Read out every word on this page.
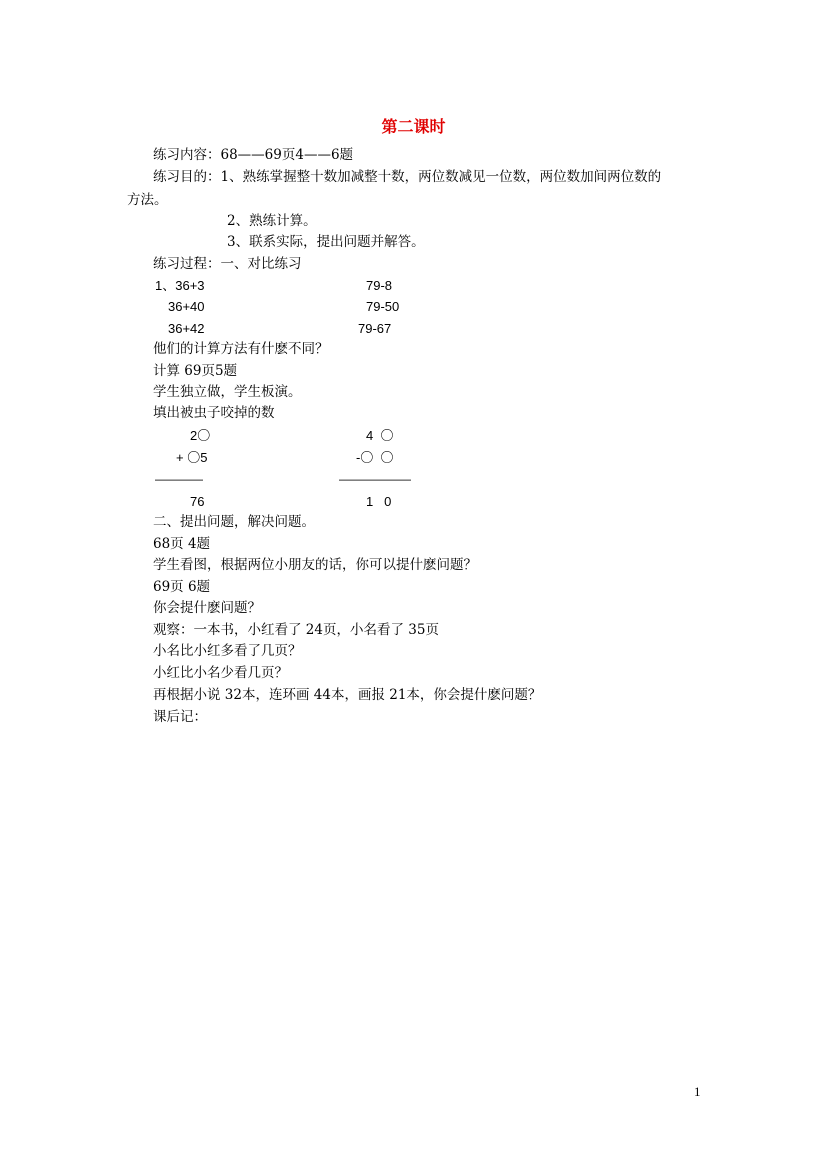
第二课时
练习内容：68——69页4——6题
练习目的：1、熟练掌握整十数加减整十数，两位数减见一位数，两位数加间两位数的
方法。
2、熟练计算。
3、联系实际，提出问题并解答。
练习过程：一、对比练习
1、36+3	79-8
36+40	79-50
36+42	79-67
他们的计算方法有什麽不同？
计算 69页5题
学生独立做，学生板演。
填出被虫子咬掉的数
2〇
+ 〇5
————
76
4  〇
-〇  〇
——————
1   0
二、提出问题，解决问题。
68页 4题
学生看图，根据两位小朋友的话，你可以提什麽问题？
69页 6题
你会提什麽问题？
观察：一本书，小红看了 24页，小名看了 35页
小名比小红多看了几页？
小红比小名少看几页？
再根据小说 32本，连环画 44本，画报 21本，你会提什麽问题？
课后记：
1
